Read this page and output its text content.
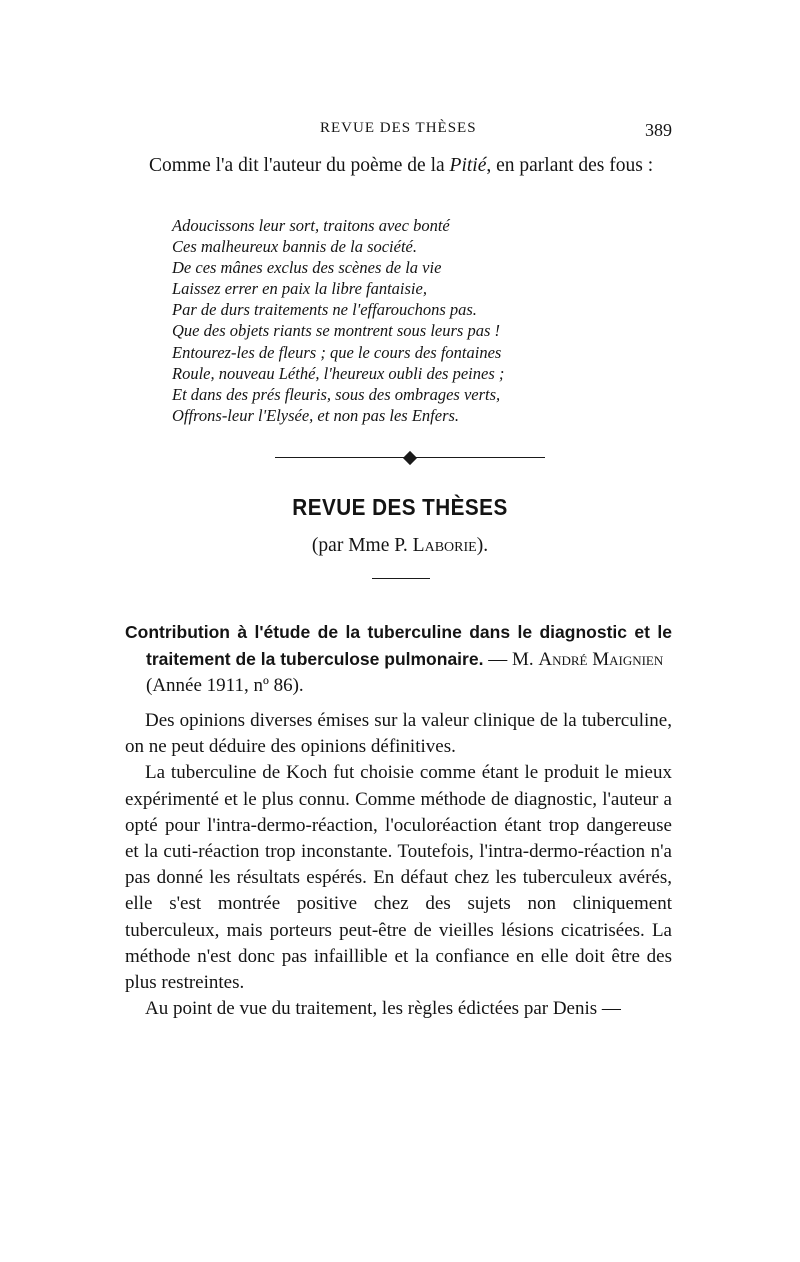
REVUE DES THÈSES	389

Comme l'a dit l'auteur du poème de la Pitié, en parlant des fous :

Adoucissons leur sort, traitons avec bonté
Ces malheureux bannis de la société.
De ces mânes exclus des scènes de la vie
Laissez errer en paix la libre fantaisie,
Par de durs traitements ne l'effarouchons pas.
Que des objets riants se montrent sous leurs pas !
Entourez-les de fleurs ; que le cours des fontaines
Roule, nouveau Léthé, l'heureux oubli des peines ;
Et dans des prés fleuris, sous des ombrages verts,
Offrons-leur l'Elysée, et non pas les Enfers.
REVUE DES THÈSES
(par Mme P. Laborie).
Contribution à l'étude de la tuberculine dans le diagnostic et le
traitement de la tuberculose pulmonaire. — M. André Maignien (Année 1911, nº 86).

Des opinions diverses émises sur la valeur clinique de la tuberculine, on ne peut déduire des opinions définitives.

La tuberculine de Koch fut choisie comme étant le produit le mieux expérimenté et le plus connu. Comme méthode de diagnostic, l'auteur a opté pour l'intra-dermo-réaction, l'oculoréaction étant trop dangereuse et la cuti-réaction trop inconstante. Toutefois, l'intra-dermo-réaction n'a pas donné les résultats espérés. En défaut chez les tuberculeux avérés, elle s'est montrée positive chez des sujets non cliniquement tuberculeux, mais porteurs peut-être de vieilles lésions cicatrisées. La méthode n'est donc pas infaillible et la confiance en elle doit être des plus restreintes.

Au point de vue du traitement, les règles édictées par Denis —
